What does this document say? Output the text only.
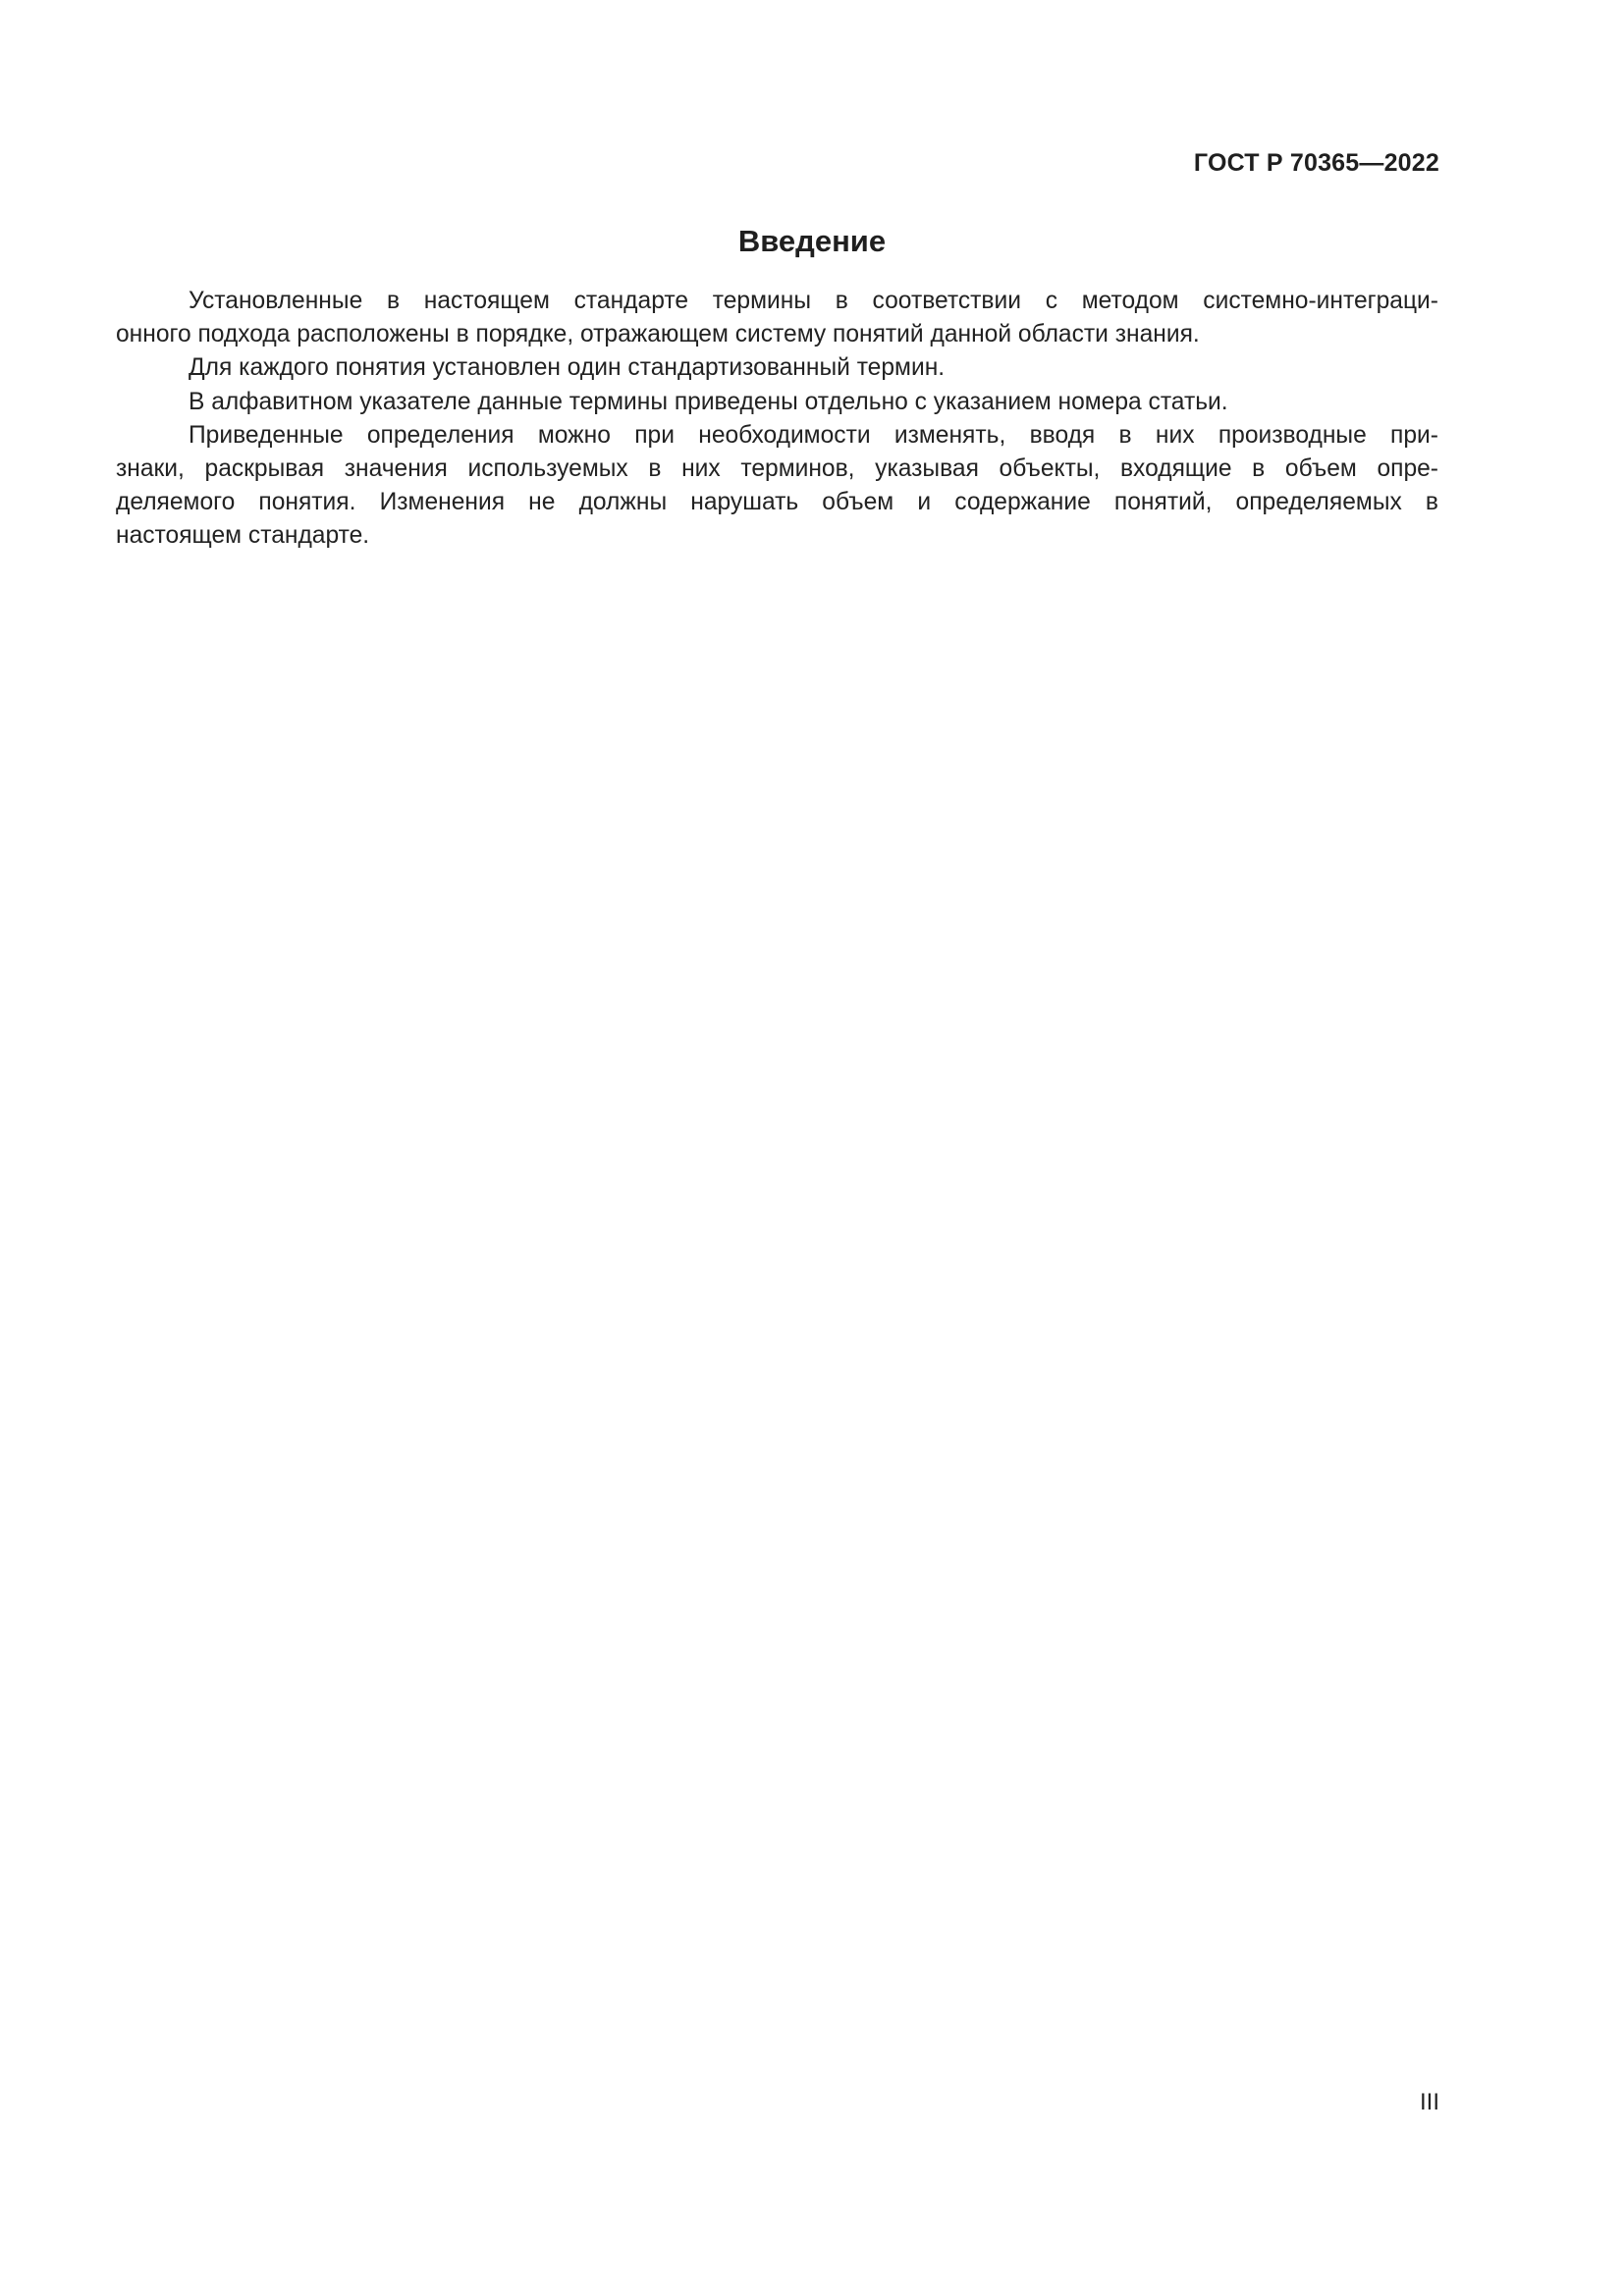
ГОСТ Р 70365—2022
Введение
Установленные в настоящем стандарте термины в соответствии с методом системно-интеграци-
онного подхода расположены в порядке, отражающем систему понятий данной области знания.
Для каждого понятия установлен один стандартизованный термин.
В алфавитном указателе данные термины приведены отдельно с указанием номера статьи.
Приведенные определения можно при необходимости изменять, вводя в них производные при-
знаки, раскрывая значения используемых в них терминов, указывая объекты, входящие в объем опре-
деляемого понятия. Изменения не должны нарушать объем и содержание понятий, определяемых в
настоящем стандарте.
III
